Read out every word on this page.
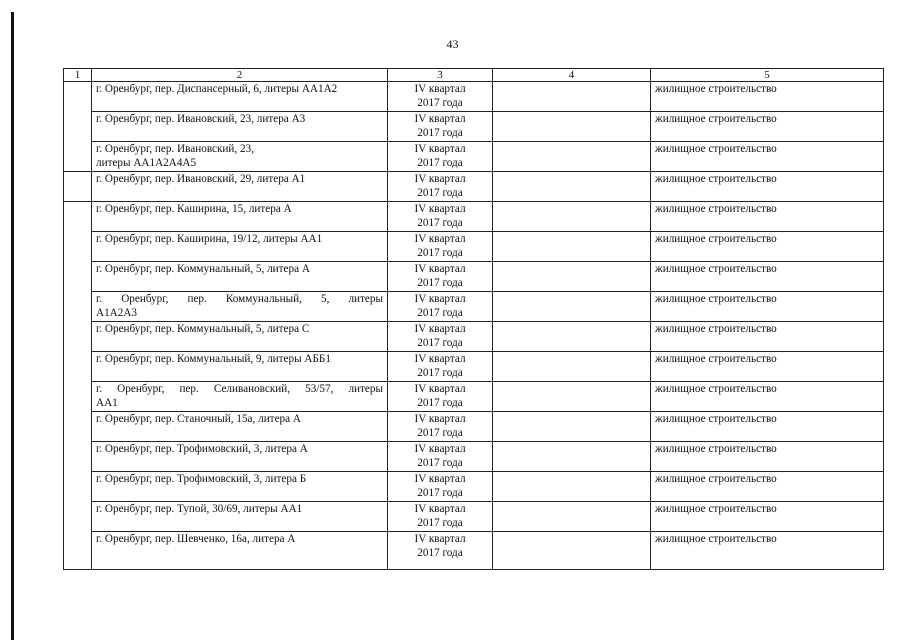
43
1	2	3	4	5
	г. Оренбург, пер. Диспансерный, 6, литеры АА1А2	IV квартал
2017 года		жилищное строительство
	г. Оренбург, пер. Ивановский, 23, литера А3	IV квартал
2017 года		жилищное строительство
	г. Оренбург, пер. Ивановский, 23,
литеры АА1А2А4А5	IV квартал
2017 года		жилищное строительство
	г. Оренбург, пер. Ивановский, 29, литера А1	IV квартал
2017 года		жилищное строительство
	г. Оренбург, пер. Каширина, 15, литера А	IV квартал
2017 года		жилищное строительство
	г. Оренбург, пер. Каширина, 19/12, литеры АА1	IV квартал
2017 года		жилищное строительство
	г. Оренбург, пер. Коммунальный, 5, литера А	IV квартал
2017 года		жилищное строительство
	г. Оренбург, пер. Коммунальный, 5, литеры
А1А2А3	IV квартал
2017 года		жилищное строительство
	г. Оренбург, пер. Коммунальный, 5, литера С	IV квартал
2017 года		жилищное строительство
	г. Оренбург, пер. Коммунальный, 9, литеры АББ1	IV квартал
2017 года		жилищное строительство
	г. Оренбург, пер. Селивановский, 53/57, литеры
АА1	IV квартал
2017 года		жилищное строительство
	г. Оренбург, пер. Станочный, 15а, литера А	IV квартал
2017 года		жилищное строительство
	г. Оренбург, пер. Трофимовский, 3, литера А	IV квартал
2017 года		жилищное строительство
	г. Оренбург, пер. Трофимовский, 3, литера Б	IV квартал
2017 года		жилищное строительство
	г. Оренбург, пер. Тупой, 30/69, литеры АА1	IV квартал
2017 года		жилищное строительство
	г. Оренбург, пер. Шевченко, 16а, литера А	IV квартал
2017 года		жилищное строительство
